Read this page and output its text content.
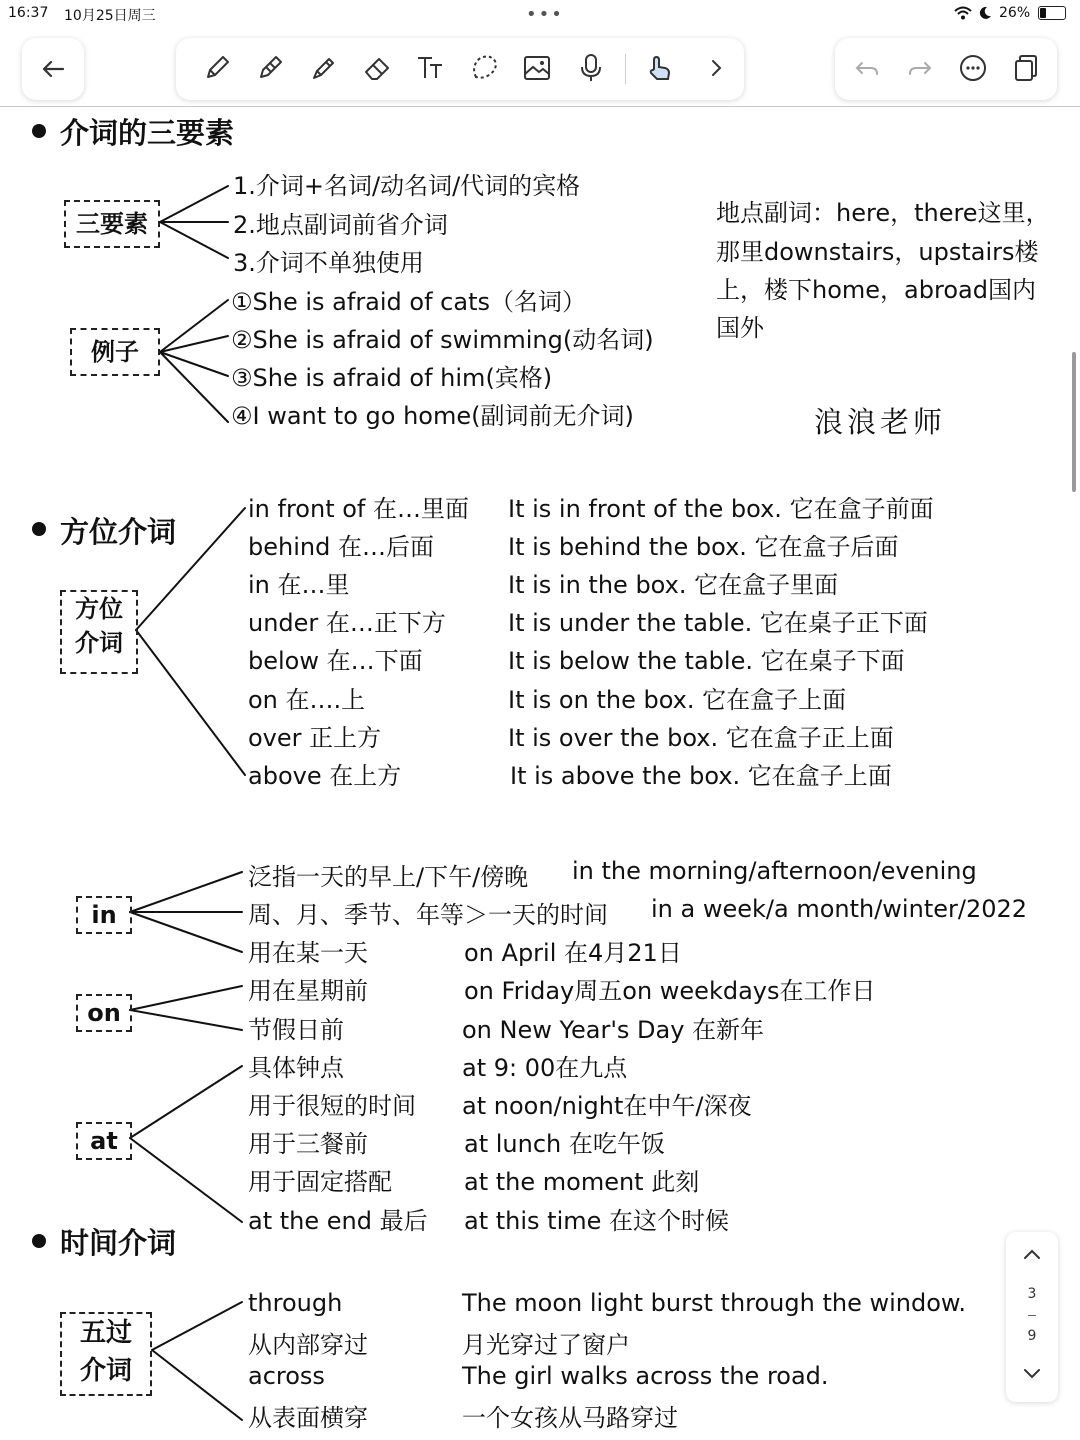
16:37 10月25日周三	•••	26%
介词的三要素
三要素
1.介词+名词/动名词/代词的宾格
2.地点副词前省介词
3.介词不单独使用
例子
①She is afraid of cats（名词）
②She is afraid of swimming(动名词)
③She is afraid of him(宾格)
④I want to go home(副词前无介词)
地点副词：here，there这里，
那里downstairs，upstairs楼
上，楼下home，abroad国内
国外
浪浪老师
方位介词
方位
介词
in front of 在…里面 It is in front of the box. 它在盒子前面
behind 在…后面	It is behind the box. 它在盒子后面
in 在…里	It is in the box. 它在盒子里面
under 在…正下方	It is under the table. 它在桌子正下面
below 在…下面	It is below the table. 它在桌子下面
on 在….上	It is on the box. 它在盒子上面
over 正上方	It is over the box. 它在盒子正上面
above 在上方	It is above the box. 它在盒子上面
in
泛指一天的早上/下午/傍晚 in the morning/afternoon/evening
周、月、季节、年等＞一天的时间 in a week/a month/winter/2022
on
用在某一天	on April 在4月21日
用在星期前	on Friday周五on weekdays在工作日
节假日前	on New Year's Day 在新年
at
具体钟点	at 9: 00在九点
用于很短的时间 at noon/night在中午/深夜
用于三餐前	at lunch 在吃午饭
用于固定搭配	at the moment 此刻
at the end 最后 at this time 在这个时候
时间介词
五过
介词
through	The moon light burst through the window.
从内部穿过	月光穿过了窗户
across	The girl walks across the road.
从表面横穿	一个女孩从马路穿过
3
9
